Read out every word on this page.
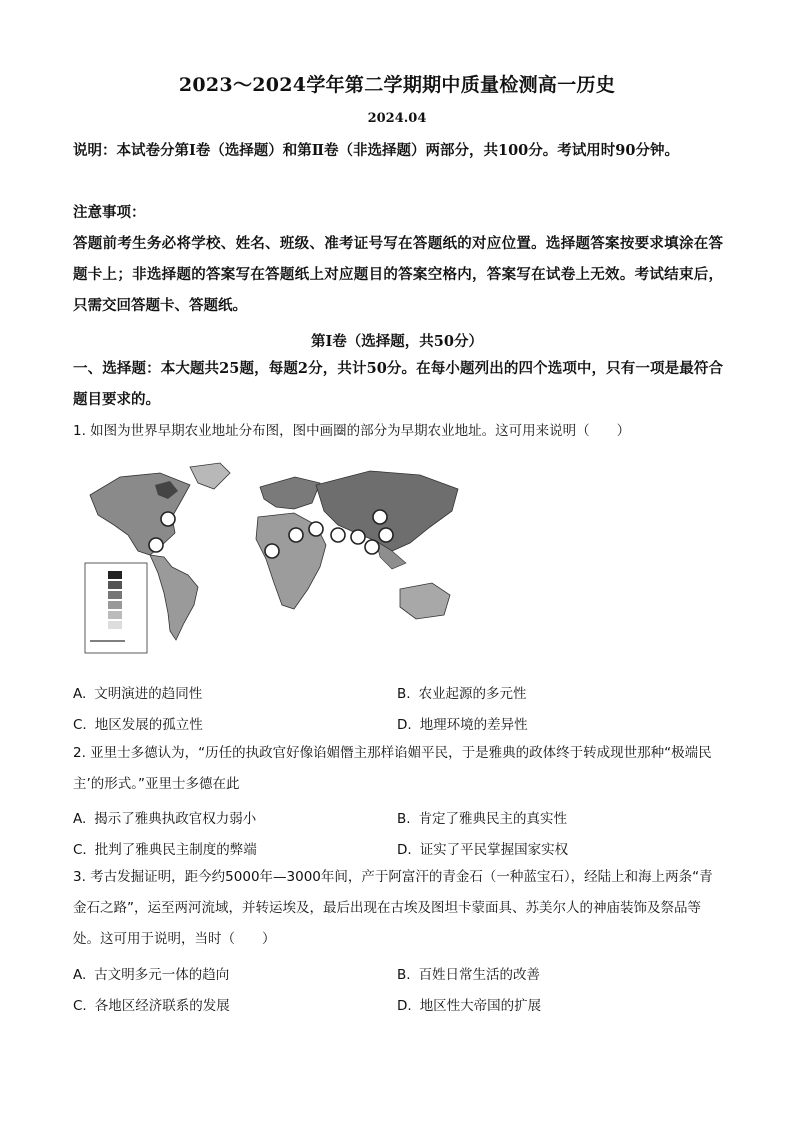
2023～2024学年第二学期期中质量检测高一历史
2024.04
说明：本试卷分第Ⅰ卷（选择题）和第Ⅱ卷（非选择题）两部分，共100分。考试用时90分钟。
注意事项：
答题前考生务必将学校、姓名、班级、准考证号写在答题纸的对应位置。选择题答案按要求填涂在答题卡上；非选择题的答案写在答题纸上对应题目的答案空格内，答案写在试卷上无效。考试结束后，只需交回答题卡、答题纸。
第Ⅰ卷（选择题，共50分）
一、选择题：本大题共25题，每题2分，共计50分。在每小题列出的四个选项中，只有一项是最符合题目要求的。
1. 如图为世界早期农业地址分布图，图中画圈的部分为早期农业地址。这可用来说明（　　）
A. 文明演进的趋同性	B. 农业起源的多元性
C. 地区发展的孤立性	D. 地理环境的差异性
2. 亚里士多德认为，“历任的执政官好像谄媚僭主那样谄媚平民，于是雅典的政体终于转成现世那种“极端民主’的形式。”亚里士多德在此
A. 揭示了雅典执政官权力弱小	B. 肯定了雅典民主的真实性
C. 批判了雅典民主制度的弊端	D. 证实了平民掌握国家实权
3. 考古发掘证明，距今约5000年—3000年间，产于阿富汗的青金石（一种蓝宝石），经陆上和海上两条“青金石之路”，运至两河流域，并转运埃及，最后出现在古埃及图坦卡蒙面具、苏美尔人的神庙装饰及祭品等处。这可用于说明，当时（　　）
A. 古文明多元一体的趋向	B. 百姓日常生活的改善
C. 各地区经济联系的发展	D. 地区性大帝国的扩展
